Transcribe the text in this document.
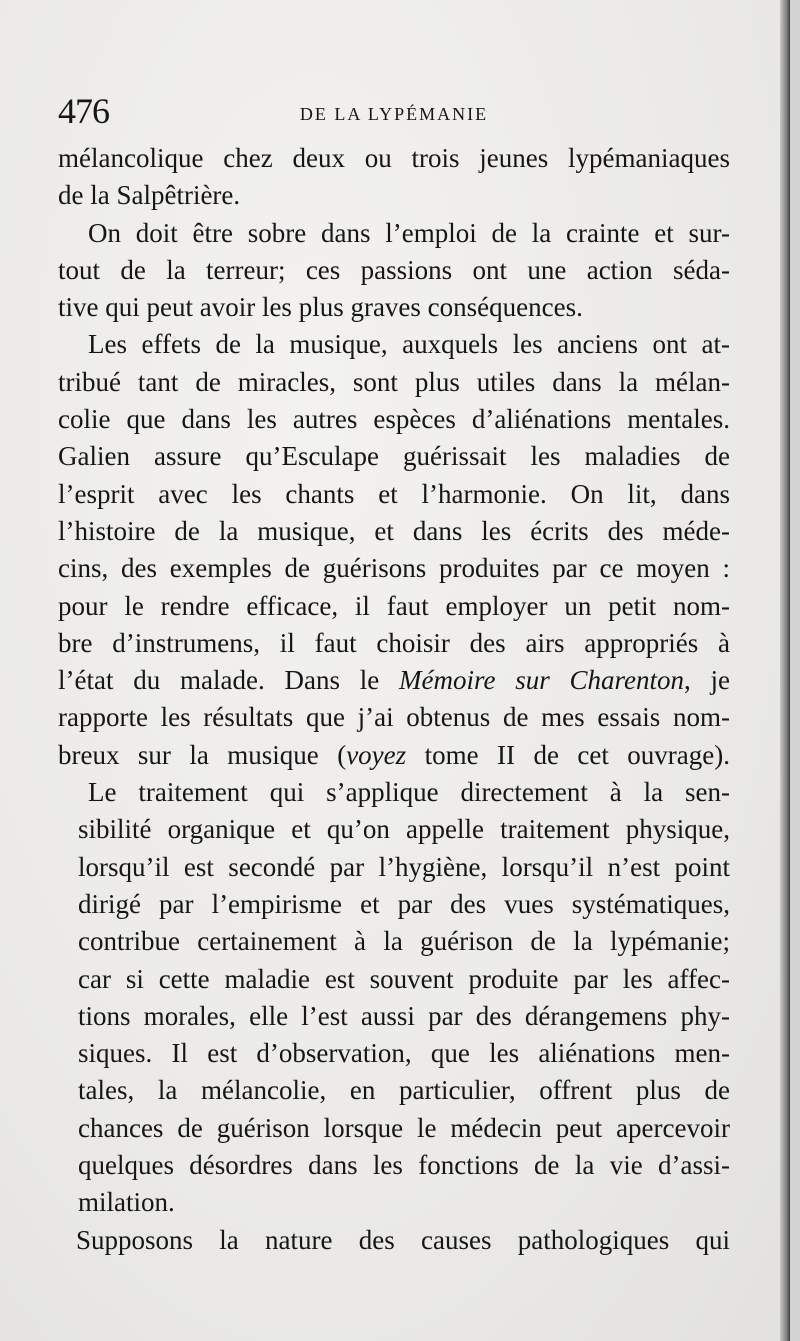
476	DE LA LYPÉMANIE
mélancolique chez deux ou trois jeunes lypémaniaques
de la Salpêtrière.
On doit être sobre dans l’emploi de la crainte et sur-
tout de la terreur; ces passions ont une action séda-
tive qui peut avoir les plus graves conséquences.
Les effets de la musique, auxquels les anciens ont at-
tribué tant de miracles, sont plus utiles dans la mélan-
colie que dans les autres espèces d’aliénations mentales.
Galien assure qu’Esculape guérissait les maladies de
l’esprit avec les chants et l’harmonie. On lit, dans
l’histoire de la musique, et dans les écrits des méde-
cins, des exemples de guérisons produites par ce moyen :
pour le rendre efficace, il faut employer un petit nom-
bre d’instrumens, il faut choisir des airs appropriés à
l’état du malade. Dans le Mémoire sur Charenton, je
rapporte les résultats que j’ai obtenus de mes essais nom-
breux sur la musique (voyez tome II de cet ouvrage).
Le traitement qui s’applique directement à la sen-
sibilité organique et qu’on appelle traitement physique,
lorsqu’il est secondé par l’hygiène, lorsqu’il n’est point
dirigé par l’empirisme et par des vues systématiques,
contribue certainement à la guérison de la lypémanie;
car si cette maladie est souvent produite par les affec-
tions morales, elle l’est aussi par des dérangemens phy-
siques. Il est d’observation, que les aliénations men-
tales, la mélancolie, en particulier, offrent plus de
chances de guérison lorsque le médecin peut apercevoir
quelques désordres dans les fonctions de la vie d’assi-
milation.
Supposons la nature des causes pathologiques qui
